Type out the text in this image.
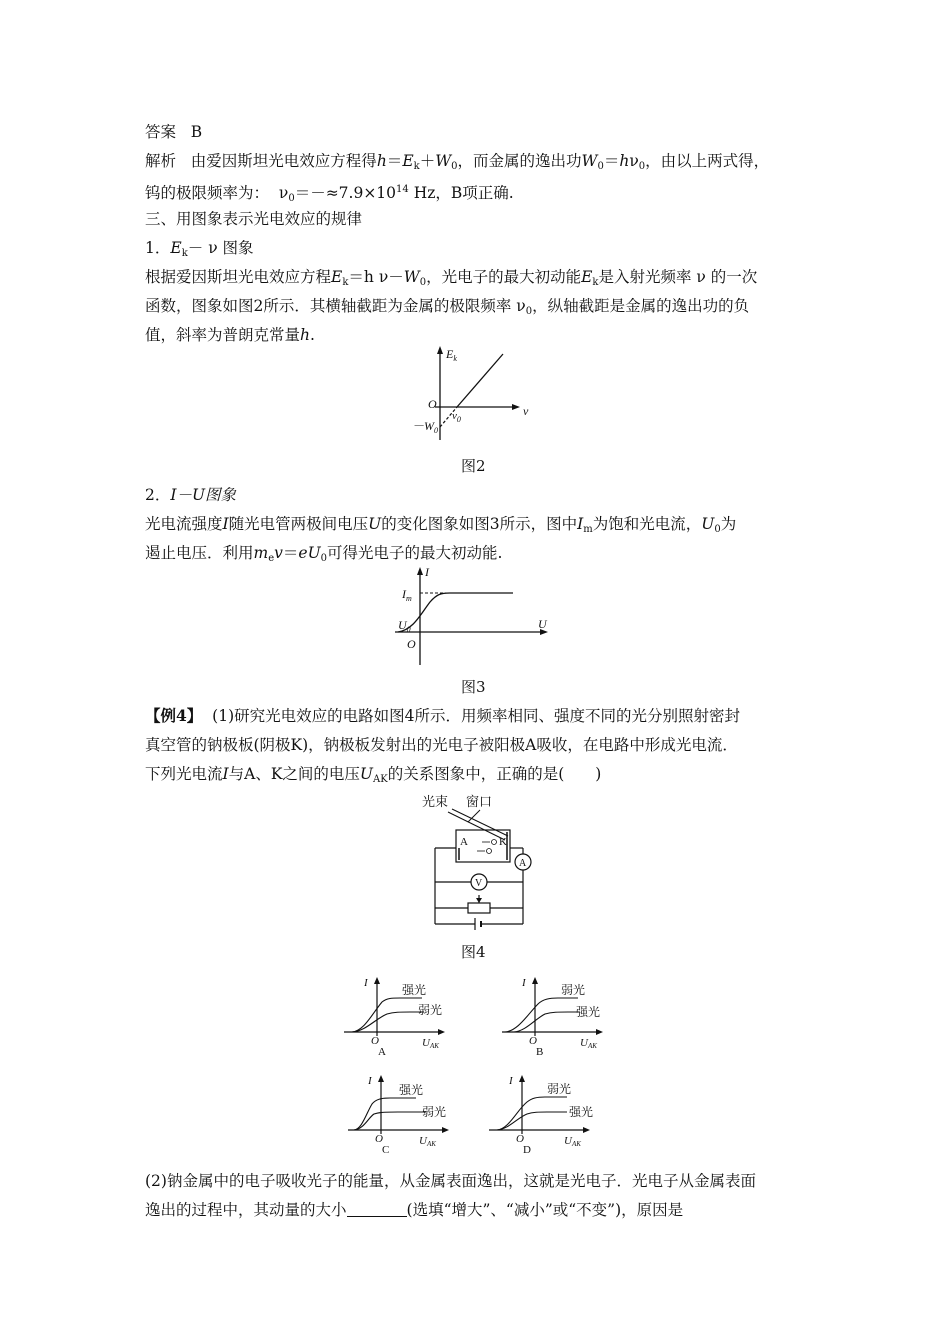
答案 B
解析 由爱因斯坦光电效应方程得$h=E_k+W_0$，而金属的逸出功$W_0=h\nu_0$，由以上两式得，
钨的极限频率为： $\nu_0=-\approx 7.9\times 10^{14}$ Hz，B项正确.
三、用图象表示光电效应的规律
1．$E_k- \nu$ 图象
根据爱因斯坦光电效应方程$E_k=h$ $\nu-W_0$，光电子的最大初动能$E_k$是入射光频率 ν 的一次
函数，图象如图2所示．其横轴截距为金属的极限频率 $\nu_0$，纵轴截距是金属的逸出功的负
值，斜率为普朗克常量h.
$E_k$
O	ν
$\nu_0$
$-W_0$
图2
2．I－U图象
光电流强度I随光电管两极间电压U的变化图象如图3所示，图中$I_m$为饱和光电流，$U_0$为
遏止电压．利用$m_ev=eU_0$可得光电子的最大初动能.
I
$I_m$
$U_0$
O
U
图3
【例4】 (1)研究光电效应的电路如图4所示．用频率相同、强度不同的光分别照射密封
真空管的钠极板(阴极K)，钠极板发射出的光电子被阳极A吸收，在电路中形成光电流．
下列光电流I与A、K之间的电压$U_{AK}$的关系图象中，正确的是(　　)
光束 窗口
A	K
A
V
图4
I	强光
弱光
O	UAK
A
I	弱光
强光
O	UAK
B
I
强光
弱光
O	UAK
C
I
弱光
强光
O	UAK
D
(2)钠金属中的电子吸收光子的能量，从金属表面逸出，这就是光电子．光电子从金属表面
逸出的过程中，其动量的大小	(选填“增大”、“减小”或“不变”)，原因是
